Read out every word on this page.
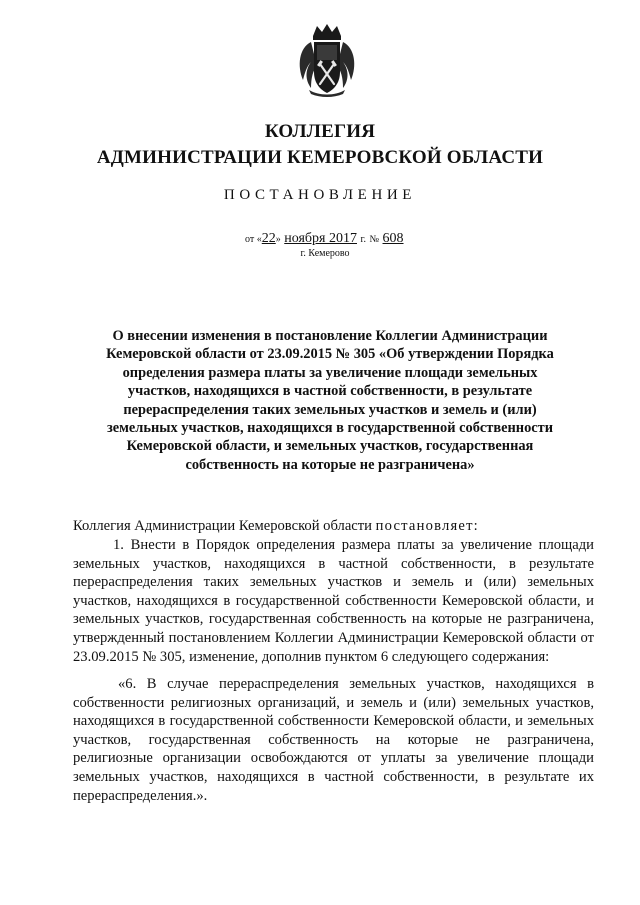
КОЛЛЕГИЯ
АДМИНИСТРАЦИИ КЕМЕРОВСКОЙ ОБЛАСТИ
ПОСТАНОВЛЕНИЕ
от «22» ноября 2017 г. № 608
г. Кемерово
О внесении изменения в постановление Коллегии Администрации Кемеровской области от 23.09.2015 № 305 «Об утверждении Порядка определения размера платы за увеличение площади земельных участков, находящихся в частной собственности, в результате перераспределения таких земельных участков и земель и (или) земельных участков, находящихся в государственной собственности Кемеровской области, и земельных участков, государственная собственность на которые не разграничена»
Коллегия Администрации Кемеровской области постановляет:
1. Внести в Порядок определения размера платы за увеличение площади земельных участков, находящихся в частной собственности, в результате перераспределения таких земельных участков и земель и (или) земельных участков, находящихся в государственной собственности Кемеровской области, и земельных участков, государственная собственность на которые не разграничена, утвержденный постановлением Коллегии Администрации Кемеровской области от 23.09.2015 № 305, изменение, дополнив пунктом 6 следующего содержания:
«6. В случае перераспределения земельных участков, находящихся в собственности религиозных организаций, и земель и (или) земельных участков, находящихся в государственной собственности Кемеровской области, и земельных участков, государственная собственность на которые не разграничена, религиозные организации освобождаются от уплаты за увеличение площади земельных участков, находящихся в частной собственности, в результате их перераспределения.».
